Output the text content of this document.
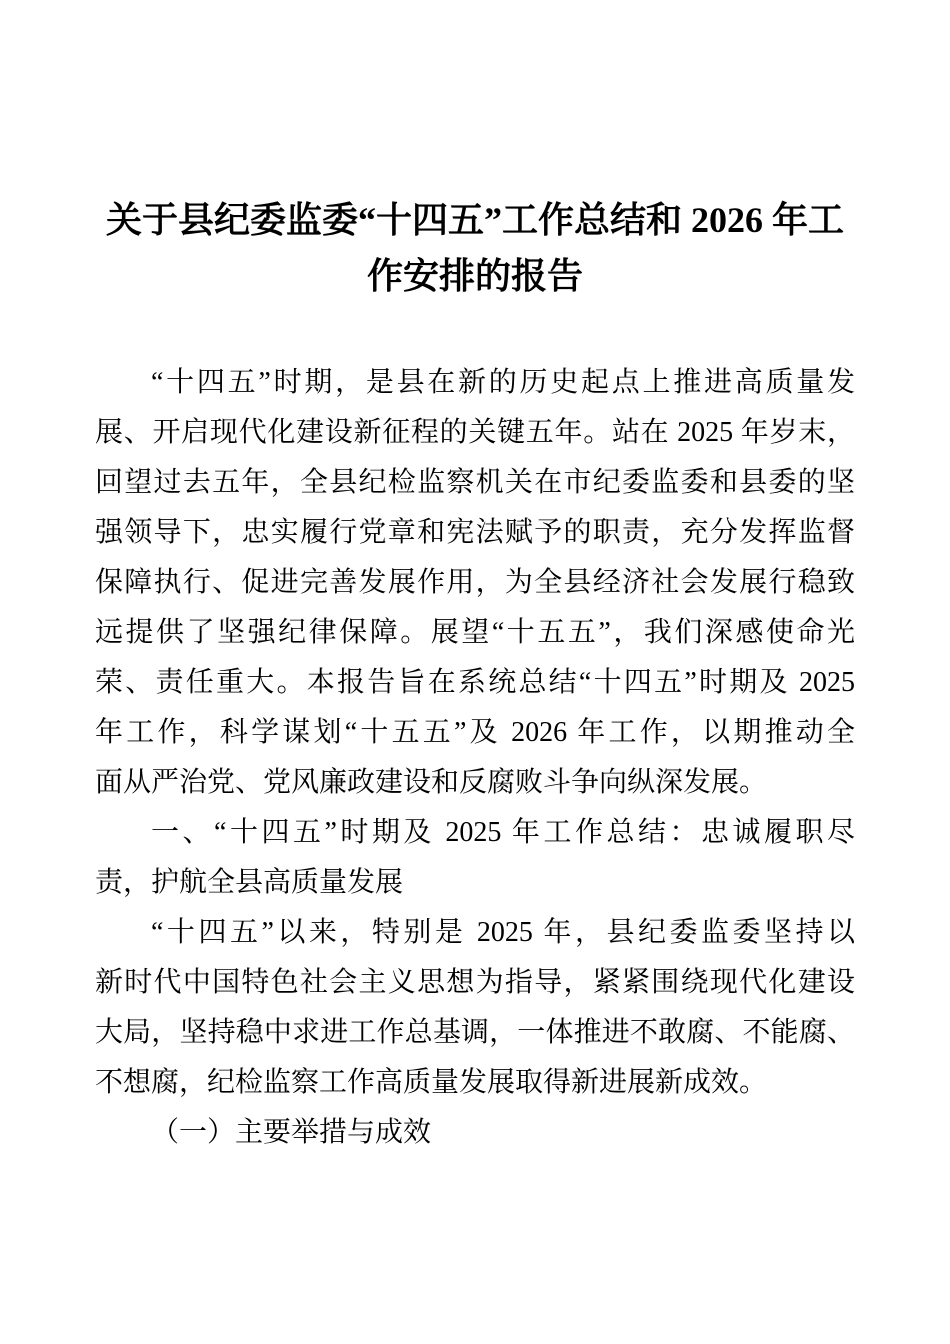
关于县纪委监委“十四五”工作总结和 2026 年工
作安排的报告
“十四五”时期，是县在新的历史起点上推进高质量发
展、开启现代化建设新征程的关键五年。站在 2025 年岁末，
回望过去五年，全县纪检监察机关在市纪委监委和县委的坚
强领导下，忠实履行党章和宪法赋予的职责，充分发挥监督
保障执行、促进完善发展作用，为全县经济社会发展行稳致
远提供了坚强纪律保障。展望“十五五”，我们深感使命光
荣、责任重大。本报告旨在系统总结“十四五”时期及 2025
年工作，科学谋划“十五五”及 2026 年工作，以期推动全
面从严治党、党风廉政建设和反腐败斗争向纵深发展。
一、“十四五”时期及 2025 年工作总结：忠诚履职尽
责，护航全县高质量发展
“十四五”以来，特别是 2025 年，县纪委监委坚持以
新时代中国特色社会主义思想为指导，紧紧围绕现代化建设
大局，坚持稳中求进工作总基调，一体推进不敢腐、不能腐、
不想腐，纪检监察工作高质量发展取得新进展新成效。
（一）主要举措与成效
